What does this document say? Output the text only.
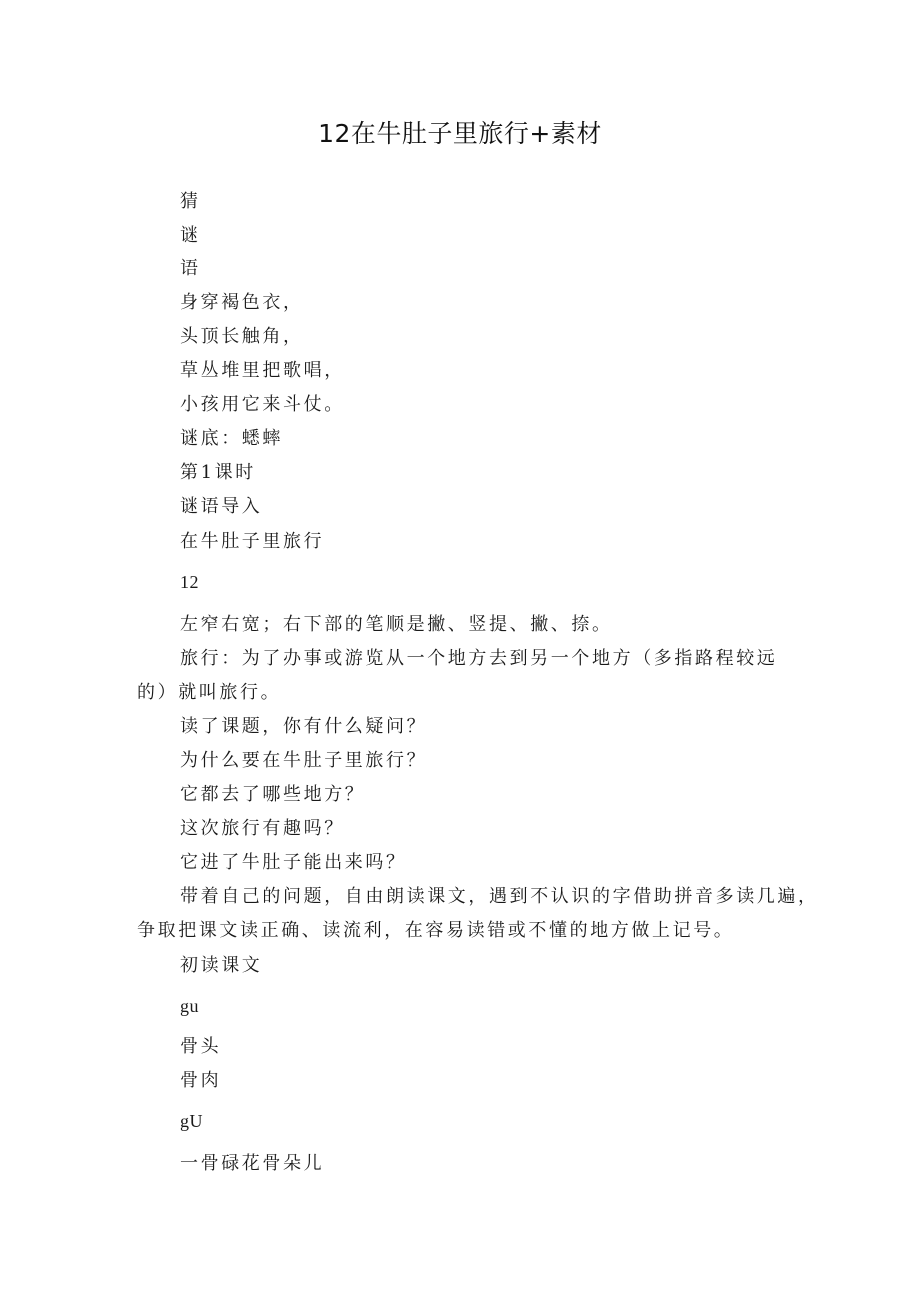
12在牛肚子里旅行+素材
猜
谜
语
身穿褐色衣，
头顶长触角，
草丛堆里把歌唱，
小孩用它来斗仗。
谜底：蟋蟀
第1课时
谜语导入
在牛肚子里旅行
12
左窄右宽；右下部的笔顺是撇、竖提、撇、捺。
旅行：为了办事或游览从一个地方去到另一个地方（多指路程较远
的）就叫旅行。
读了课题，你有什么疑问？
为什么要在牛肚子里旅行？
它都去了哪些地方？
这次旅行有趣吗？
它进了牛肚子能出来吗？
带着自己的问题，自由朗读课文，遇到不认识的字借助拼音多读几遍，
争取把课文读正确、读流利，在容易读错或不懂的地方做上记号。
初读课文
gu
骨头
骨肉
gU
一骨碌花骨朵儿
